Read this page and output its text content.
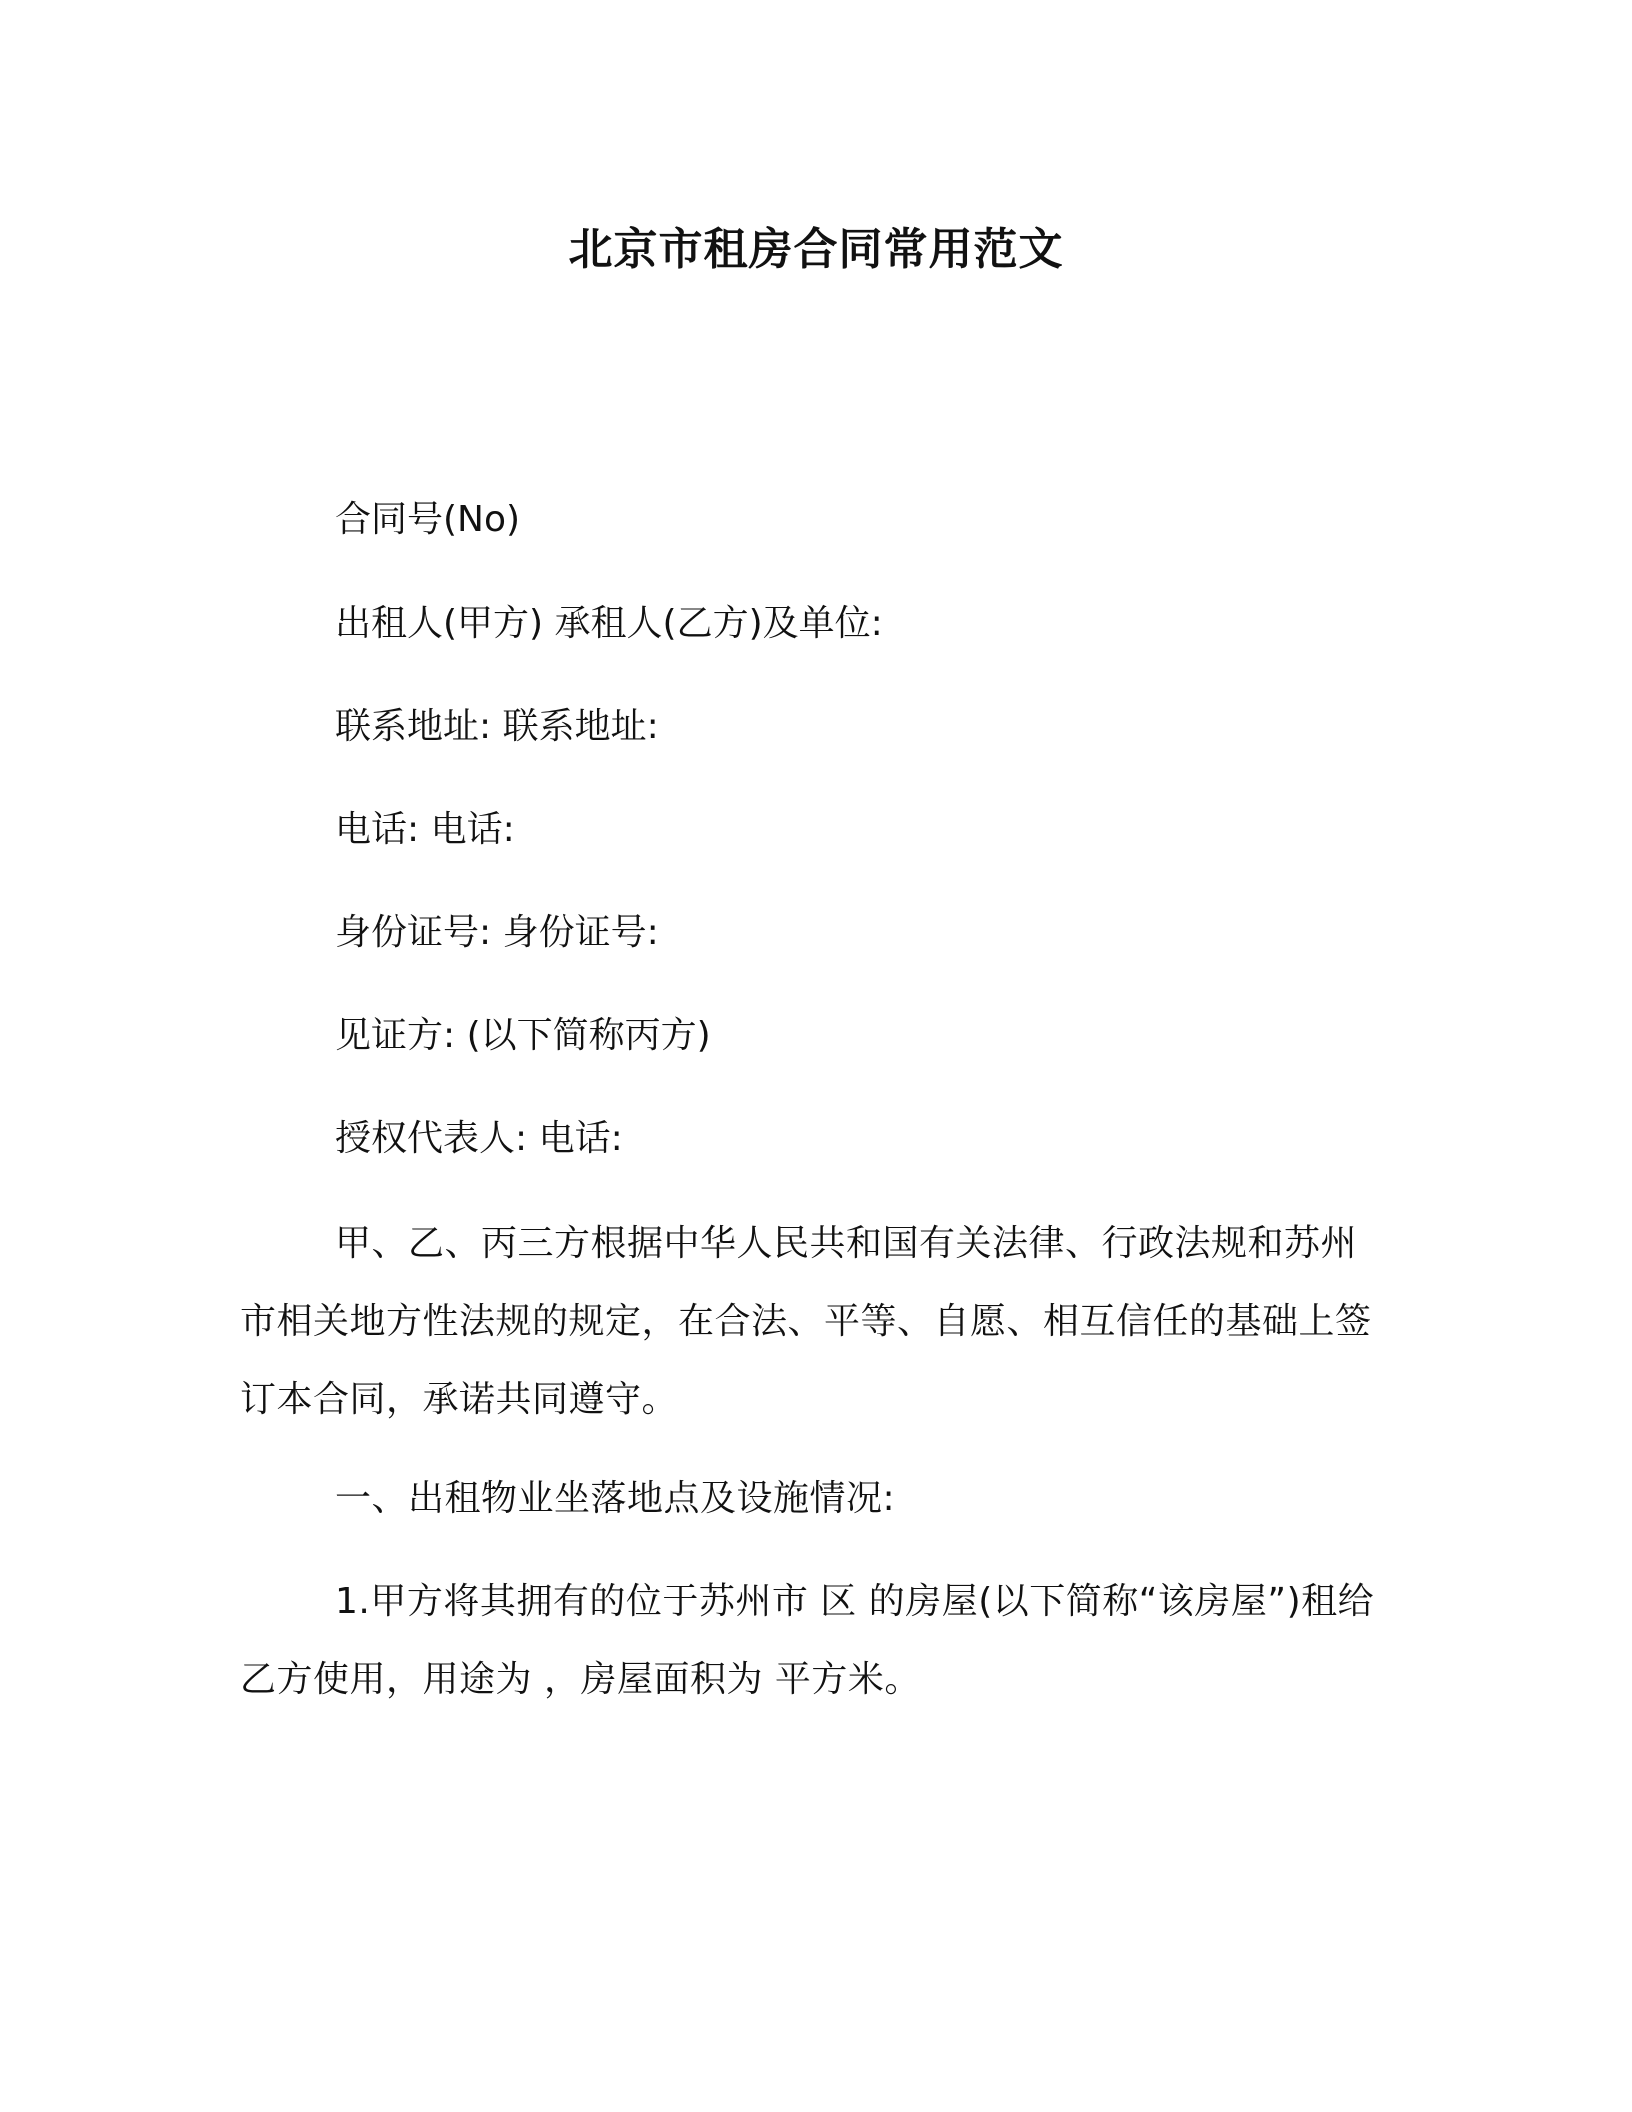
北京市租房合同常用范文
合同号(No)
出租人(甲方) 承租人(乙方)及单位:
联系地址: 联系地址:
电话: 电话:
身份证号: 身份证号:
见证方: (以下简称丙方)
授权代表人: 电话:
甲、乙、丙三方根据中华人民共和国有关法律、行政法规和苏州市相关地方性法规的规定，在合法、平等、自愿、相互信任的基础上签订本合同，承诺共同遵守。
一、出租物业坐落地点及设施情况:
1.甲方将其拥有的位于苏州市 区 的房屋(以下简称“该房屋”)租给乙方使用，用途为 ，房屋面积为 平方米。
